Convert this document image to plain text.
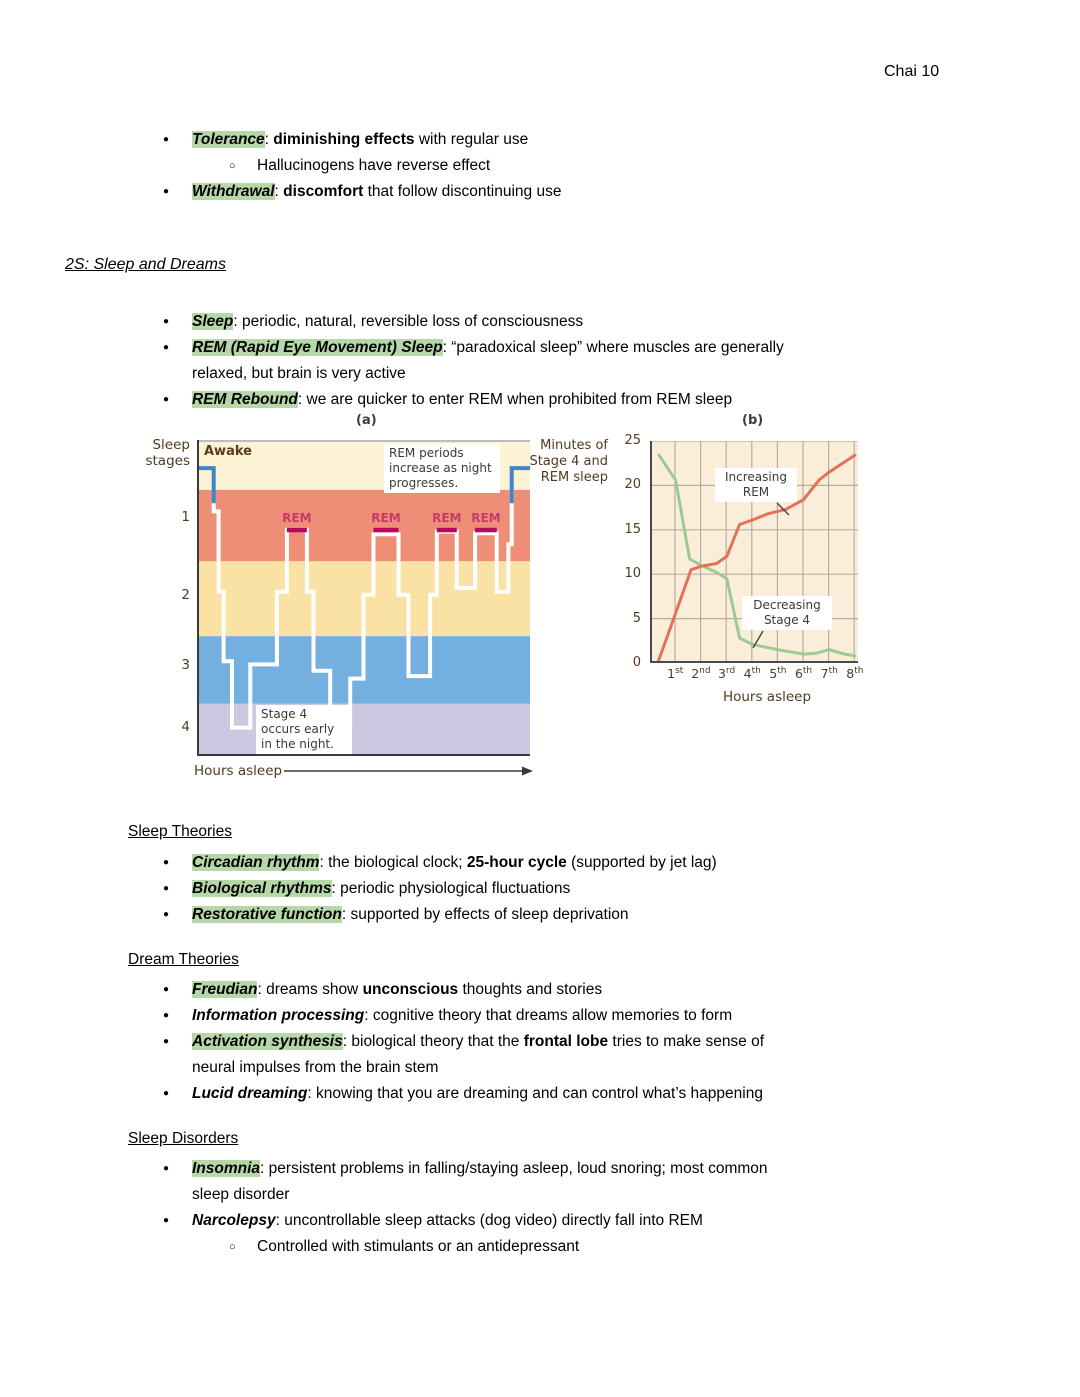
Chai 10
● Tolerance: diminishing effects with regular use
○ Hallucinogens have reverse effect
● Withdrawal: discomfort that follow discontinuing use
2S: Sleep and Dreams
● Sleep: periodic, natural, reversible loss of consciousness
● REM (Rapid Eye Movement) Sleep: “paradoxical sleep” where muscles are generally
relaxed, but brain is very active
● REM Rebound: we are quicker to enter REM when prohibited from REM sleep
(a)	(b)
Sleep
stages
REM	REM	REM REM
Awake	REM periods increase as night progresses.
Stage 4 occurs early in the night.
Hours asleep
Minutes of
Stage 4 and
REM sleep	Increasing REM
Decreasing Stage 4
Hours asleep
1
2
3
4
25
20
15
10
5
0
1st 2nd 3rd 4th 5th 6th 7th 8th
Sleep Theories
● Circadian rhythm: the biological clock; 25-hour cycle (supported by jet lag)
● Biological rhythms: periodic physiological fluctuations
● Restorative function: supported by effects of sleep deprivation
Dream Theories
● Freudian: dreams show unconscious thoughts and stories
● Information processing: cognitive theory that dreams allow memories to form
● Activation synthesis: biological theory that the frontal lobe tries to make sense of
neural impulses from the brain stem
● Lucid dreaming: knowing that you are dreaming and can control what’s happening
Sleep Disorders
● Insomnia: persistent problems in falling/staying asleep, loud snoring; most common
sleep disorder
● Narcolepsy: uncontrollable sleep attacks (dog video) directly fall into REM
○ Controlled with stimulants or an antidepressant
